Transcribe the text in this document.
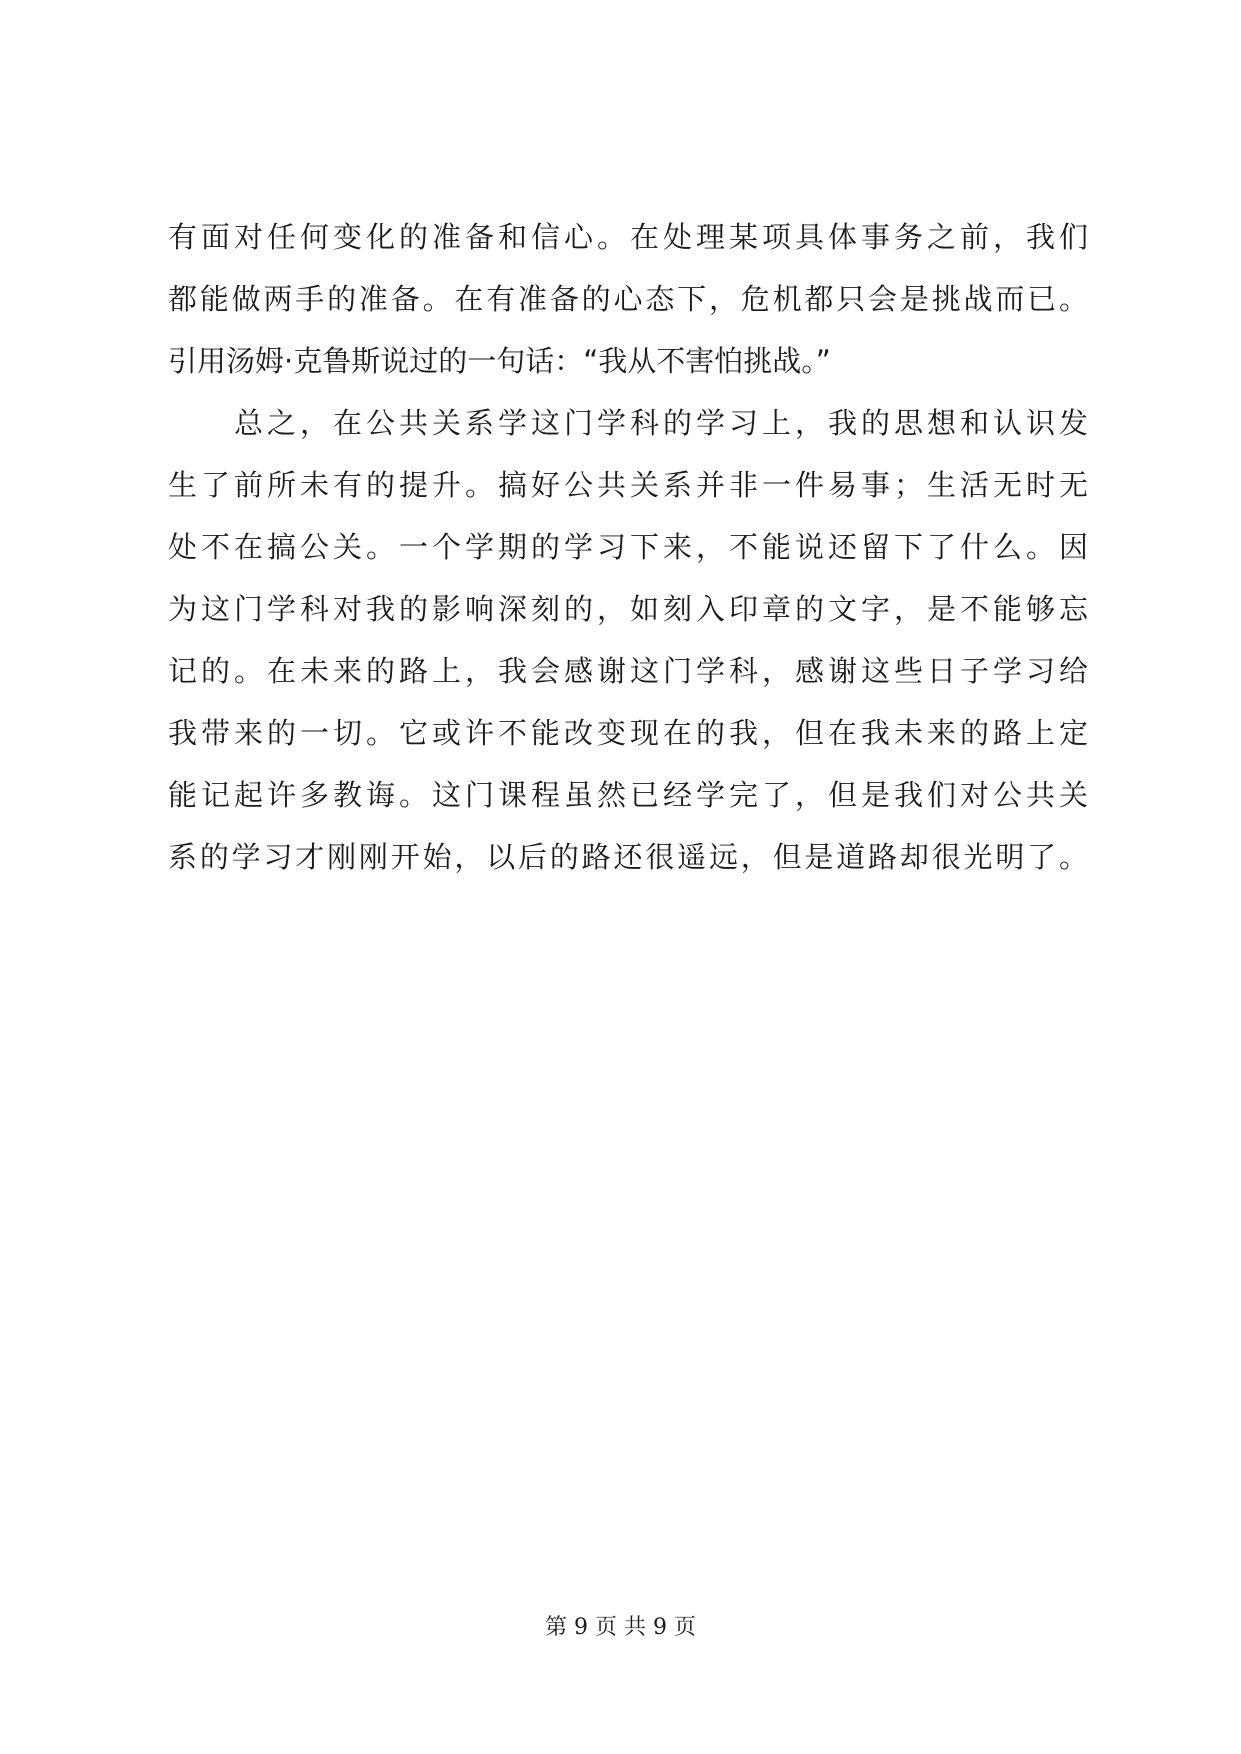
有面对任何变化的准备和信心。在处理某项具体事务之前，我们
都能做两手的准备。在有准备的心态下，危机都只会是挑战而已。
引用汤姆·克鲁斯说过的一句话：“我从不害怕挑战。”
　　总之，在公共关系学这门学科的学习上，我的思想和认识发
生了前所未有的提升。搞好公共关系并非一件易事；生活无时无
处不在搞公关。一个学期的学习下来，不能说还留下了什么。因
为这门学科对我的影响深刻的，如刻入印章的文字，是不能够忘
记的。在未来的路上，我会感谢这门学科，感谢这些日子学习给
我带来的一切。它或许不能改变现在的我，但在我未来的路上定
能记起许多教诲。这门课程虽然已经学完了，但是我们对公共关
系的学习才刚刚开始，以后的路还很遥远，但是道路却很光明了。
第 9 页 共 9 页
